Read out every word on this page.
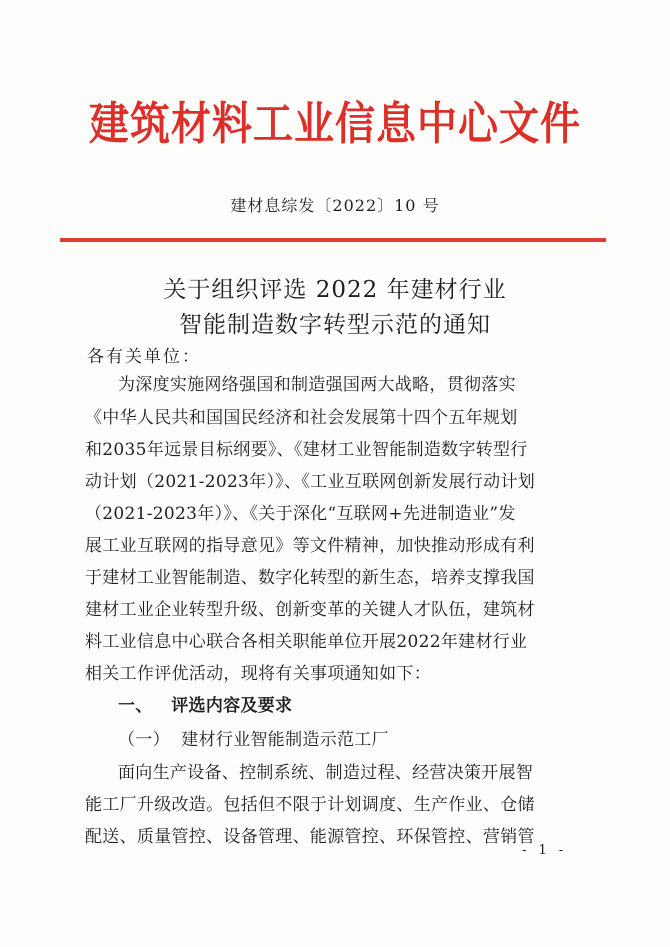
建筑材料工业信息中心文件
建材息综发〔2022〕10 号
关于组织评选 2022 年建材行业
智能制造数字转型示范的通知
各有关单位：
为深度实施网络强国和制造强国两大战略，贯彻落实
《中华人民共和国国民经济和社会发展第十四个五年规划
和2035年远景目标纲要》、《建材工业智能制造数字转型行
动计划（2021-2023年）》、《工业互联网创新发展行动计划
（2021-2023年）》、《关于深化“互联网+先进制造业”发
展工业互联网的指导意见》等文件精神，加快推动形成有利
于建材工业智能制造、数字化转型的新生态，培养支撑我国
建材工业企业转型升级、创新变革的关键人才队伍，建筑材
料工业信息中心联合各相关职能单位开展2022年建材行业
相关工作评优活动，现将有关事项通知如下：
一、   评选内容及要求
（一）  建材行业智能制造示范工厂
面向生产设备、控制系统、制造过程、经营决策开展智
能工厂升级改造。包括但不限于计划调度、生产作业、仓储
配送、质量管控、设备管理、能源管控、环保管控、营销管
- 1 -
